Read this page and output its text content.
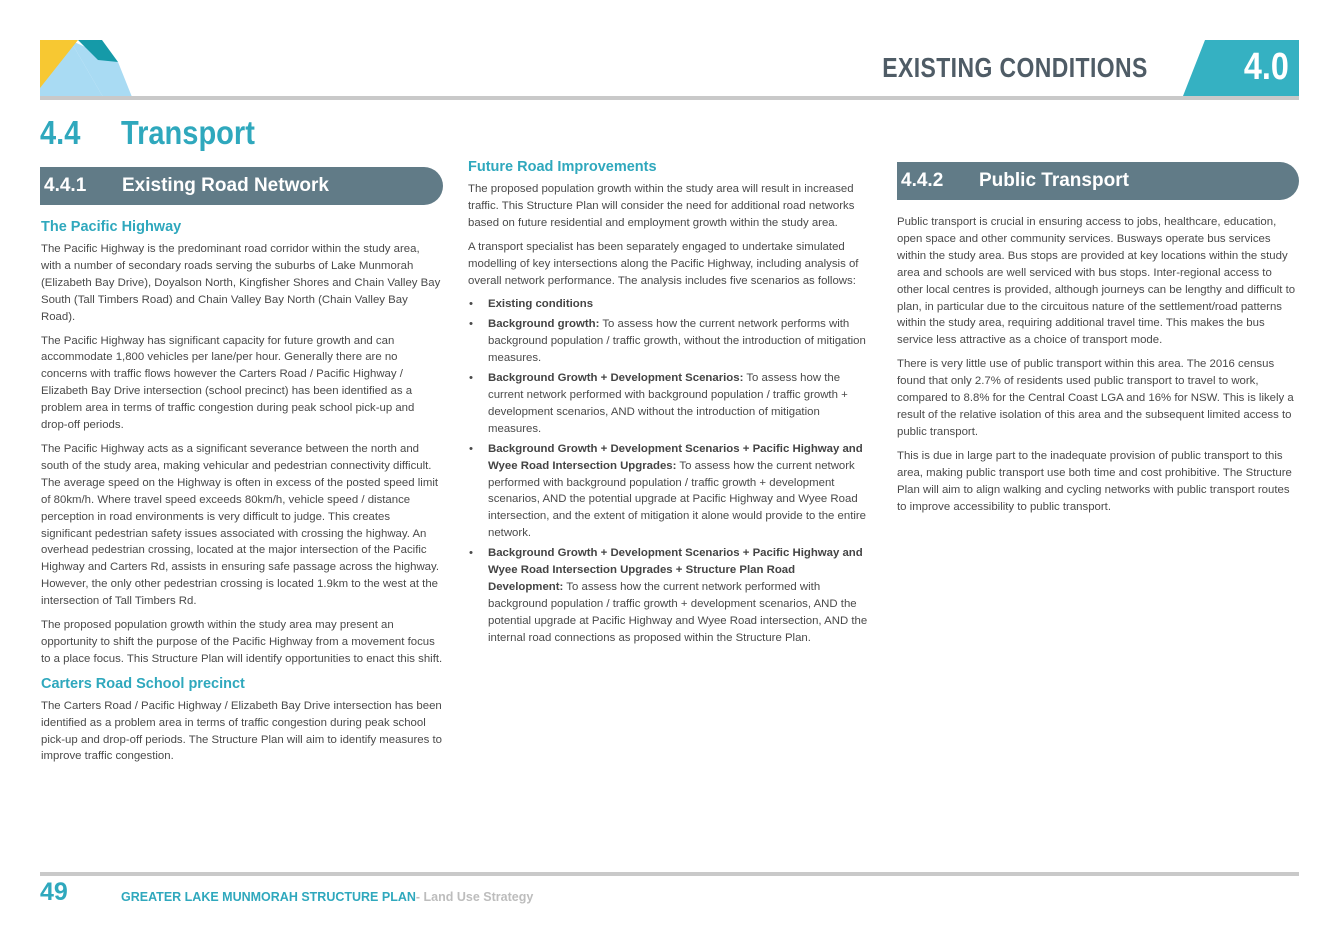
EXISTING CONDITIONS	4.0
4.4 Transport
4.4.1	Existing Road Network	4.4.2	Public Transport
The Pacific Highway

The Pacific Highway is the predominant road corridor within the study area, with a number of secondary roads serving the suburbs of Lake Munmorah (Elizabeth Bay Drive), Doyalson North, Kingfisher Shores and Chain Valley Bay South (Tall Timbers Road) and Chain Valley Bay North (Chain Valley Bay Road).

The Pacific Highway has significant capacity for future growth and can accommodate 1,800 vehicles per lane/per hour. Generally there are no concerns with traffic flows however the Carters Road / Pacific Highway / Elizabeth Bay Drive intersection (school precinct) has been identified as a problem area in terms of traffic congestion during peak school pick-up and drop-off periods.

The Pacific Highway acts as a significant severance between the north and south of the study area, making vehicular and pedestrian connectivity difficult. The average speed on the Highway is often in excess of the posted speed limit of 80km/h. Where travel speed exceeds 80km/h, vehicle speed / distance perception in road environments is very difficult to judge. This creates significant pedestrian safety issues associated with crossing the highway. An overhead pedestrian crossing, located at the major intersection of the Pacific Highway and Carters Rd, assists in ensuring safe passage across the highway. However, the only other pedestrian crossing is located 1.9km to the west at the intersection of Tall Timbers Rd.

The proposed population growth within the study area may present an opportunity to shift the purpose of the Pacific Highway from a movement focus to a place focus. This Structure Plan will identify opportunities to enact this shift.

Carters Road School precinct

The Carters Road / Pacific Highway / Elizabeth Bay Drive intersection has been identified as a problem area in terms of traffic congestion during peak school pick-up and drop-off periods. The Structure Plan will aim to identify measures to improve traffic congestion.

Future Road Improvements

The proposed population growth within the study area will result in increased traffic. This Structure Plan will consider the need for additional road networks based on future residential and employment growth within the study area.

A transport specialist has been separately engaged to undertake simulated modelling of key intersections along the Pacific Highway, including analysis of overall network performance. The analysis includes five scenarios as follows:

• Existing conditions
• Background growth: To assess how the current network performs with background population / traffic growth, without the introduction of mitigation measures.
• Background Growth + Development Scenarios: To assess how the current network performed with background population / traffic growth + development scenarios, AND without the introduction of mitigation measures.
• Background Growth + Development Scenarios + Pacific Highway and Wyee Road Intersection Upgrades: To assess how the current network performed with background population / traffic growth + development scenarios, AND the potential upgrade at Pacific Highway and Wyee Road intersection, and the extent of mitigation it alone would provide to the entire network.
• Background Growth + Development Scenarios + Pacific Highway and Wyee Road Intersection Upgrades + Structure Plan Road Development: To assess how the current network performed with background population / traffic growth + development scenarios, AND the potential upgrade at Pacific Highway and Wyee Road intersection, AND the internal road connections as proposed within the Structure Plan.

Public transport is crucial in ensuring access to jobs, healthcare, education, open space and other community services. Busways operate bus services within the study area. Bus stops are provided at key locations within the study area and schools are well serviced with bus stops. Inter-regional access to other local centres is provided, although journeys can be lengthy and difficult to plan, in particular due to the circuitous nature of the settlement/road patterns within the study area, requiring additional travel time. This makes the bus service less attractive as a choice of transport mode.

There is very little use of public transport within this area. The 2016 census found that only 2.7% of residents used public transport to travel to work, compared to 8.8% for the Central Coast LGA and 16% for NSW. This is likely a result of the relative isolation of this area and the subsequent limited access to public transport.

This is due in large part to the inadequate provision of public transport to this area, making public transport use both time and cost prohibitive. The Structure Plan will aim to align walking and cycling networks with public transport routes to improve accessibility to public transport.

49	GREATER LAKE MUNMORAH STRUCTURE PLAN- Land Use Strategy
